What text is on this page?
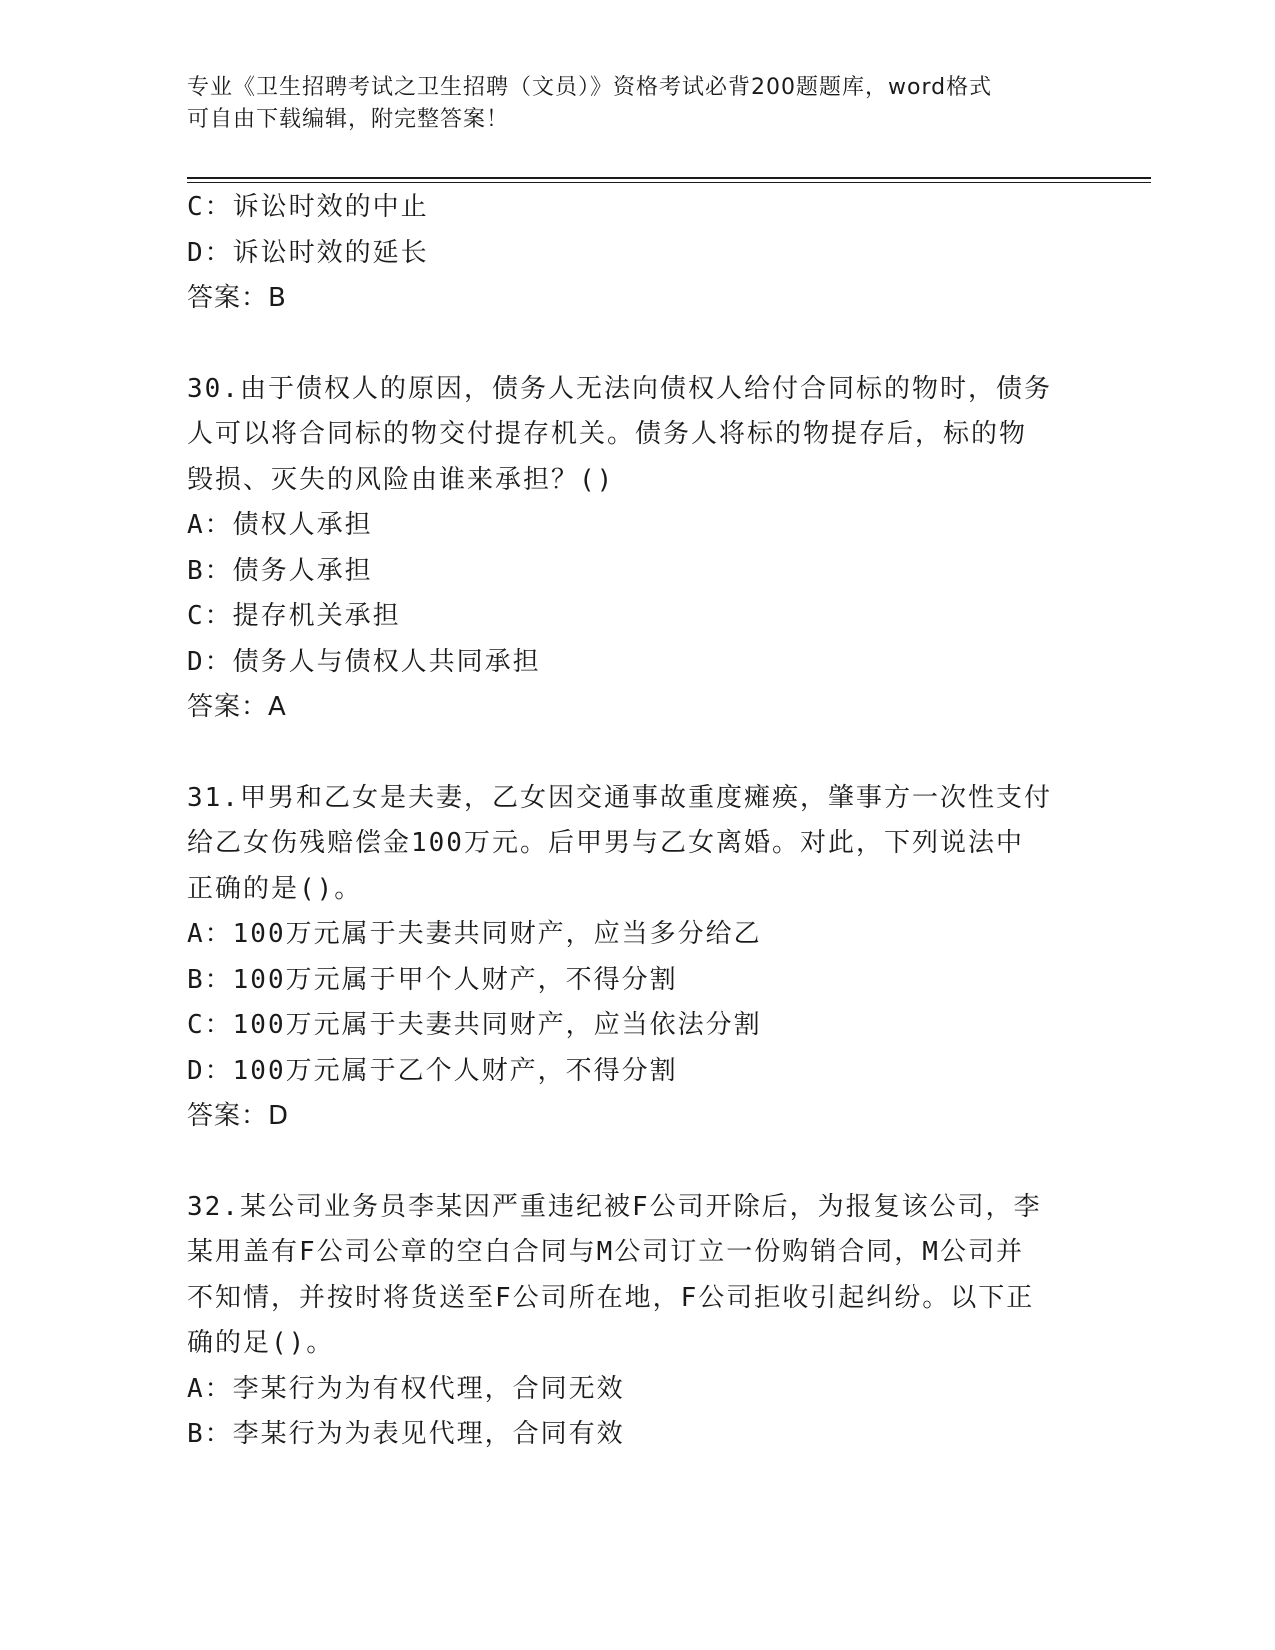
专业《卫生招聘考试之卫生招聘（文员）》资格考试必背200题题库，word格式
可自由下载编辑，附完整答案！
C：诉讼时效的中止
D：诉讼时效的延长
答案：B
30.由于债权人的原因，债务人无法向债权人给付合同标的物时，债务
人可以将合同标的物交付提存机关。债务人将标的物提存后，标的物
毁损、灭失的风险由谁来承担？()
A：债权人承担
B：债务人承担
C：提存机关承担
D：债务人与债权人共同承担
答案：A
31.甲男和乙女是夫妻，乙女因交通事故重度瘫痪，肇事方一次性支付
给乙女伤残赔偿金100万元。后甲男与乙女离婚。对此，下列说法中
正确的是()。
A：100万元属于夫妻共同财产，应当多分给乙
B：100万元属于甲个人财产，不得分割
C：100万元属于夫妻共同财产，应当依法分割
D：100万元属于乙个人财产，不得分割
答案：D
32.某公司业务员李某因严重违纪被F公司开除后，为报复该公司，李
某用盖有F公司公章的空白合同与M公司订立一份购销合同，M公司并
不知情，并按时将货送至F公司所在地，F公司拒收引起纠纷。以下正
确的足()。
A：李某行为为有权代理，合同无效
B：李某行为为表见代理，合同有效
